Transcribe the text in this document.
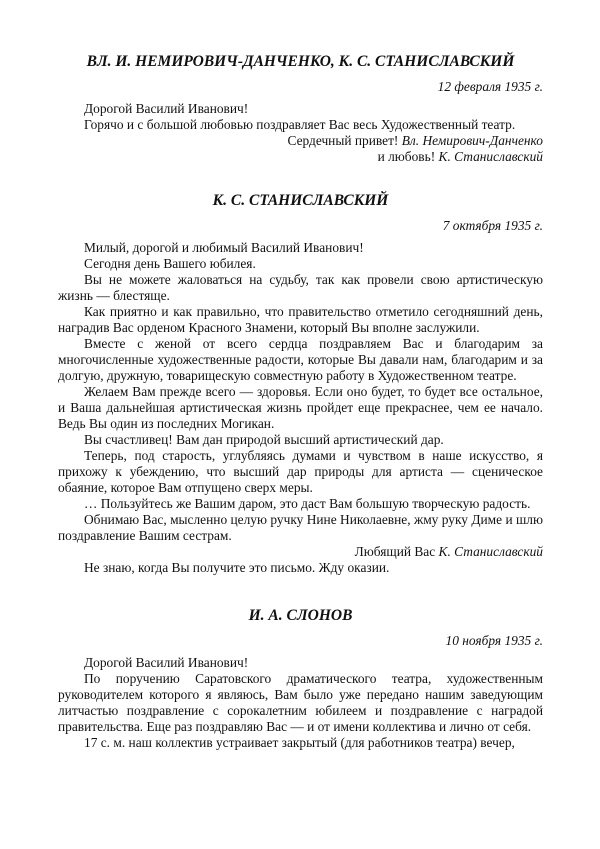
ВЛ. И. НЕМИРОВИЧ-ДАНЧЕНКО, К. С. СТАНИСЛАВСКИЙ
12 февраля 1935 г.

Дорогой Василий Иванович!

Горячо и с большой любовью поздравляет Вас весь Художественный театр.

Сердечный привет! Вл. Немирович-Данченко

и любовь! К. Станиславский

К. С. СТАНИСЛАВСКИЙ
7 октября 1935 г.

Милый, дорогой и любимый Василий Иванович!

Сегодня день Вашего юбилея.

Вы не можете жаловаться на судьбу, так как провели свою артистическую жизнь — блестяще.

Как приятно и как правильно, что правительство отметило сегодняшний день, наградив Вас орденом Красного Знамени, который Вы вполне заслужили.

Вместе с женой от всего сердца поздравляем Вас и благодарим за многочисленные художественные радости, которые Вы давали нам, благодарим и за долгую, дружную, товарищескую совместную работу в Художественном театре.

Желаем Вам прежде всего — здоровья. Если оно будет, то будет все остальное, и Ваша дальнейшая артистическая жизнь пройдет еще прекраснее, чем ее начало. Ведь Вы один из последних Могикан.

Вы счастливец! Вам дан природой высший артистический дар.

Теперь, под старость, углубляясь думами и чувством в наше искусство, я прихожу к убеждению, что высший дар природы для артиста — сценическое обаяние, которое Вам отпущено сверх меры.

… Пользуйтесь же Вашим даром, это даст Вам большую творческую радость.

Обнимаю Вас, мысленно целую ручку Нине Николаевне, жму руку Диме и шлю поздравление Вашим сестрам.

Любящий Вас К. Станиславский

Не знаю, когда Вы получите это письмо. Жду оказии.

И. А. СЛОНОВ
10 ноября 1935 г.

Дорогой Василий Иванович!

По поручению Саратовского драматического театра, художественным руководителем которого я являюсь, Вам было уже передано нашим заведующим литчастью поздравление с сорокалетним юбилеем и поздравление с наградой правительства. Еще раз поздравляю Вас — и от имени коллектива и лично от себя.

17 с. м. наш коллектив устраивает закрытый (для работников театра) вечер,
